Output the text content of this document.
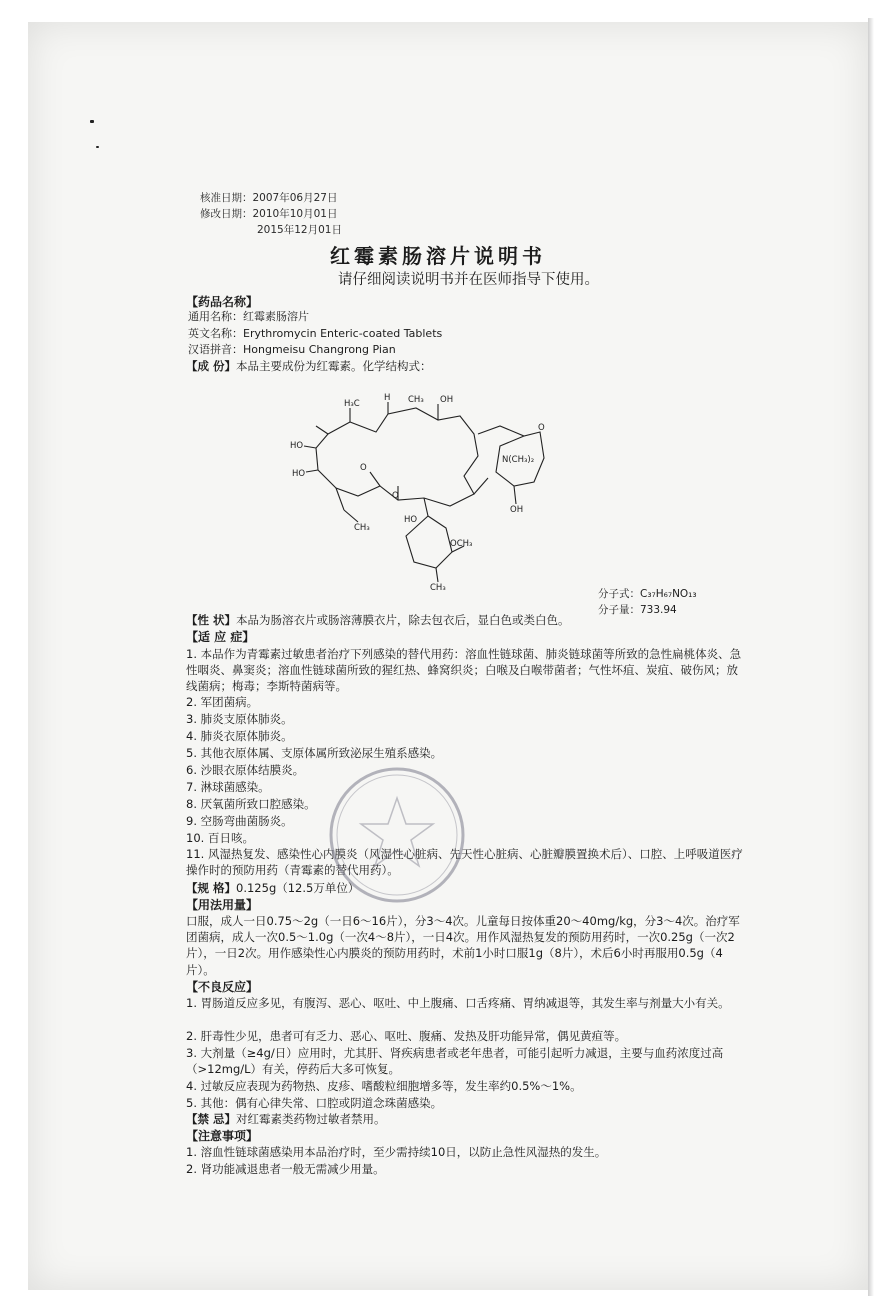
核准日期：2007年06月27日
修改日期：2010年10月01日
2015年12月01日
红霉素肠溶片说明书
请仔细阅读说明书并在医师指导下使用。
【药品名称】
通用名称：红霉素肠溶片
英文名称：Erythromycin Enteric-coated Tablets
汉语拼音：Hongmeisu Changrong Pian
【成 份】本品主要成份为红霉素。化学结构式：
H₃C
H CH₃ OH
HO
N(CH₃)₂
CH₃
O
OCH₃
OH
CH₃
HO
HO
O
O
分子式：C₃₇H₆₇NO₁₃
分子量：733.94
【性 状】本品为肠溶衣片或肠溶薄膜衣片，除去包衣后，显白色或类白色。
【适 应 症】
1. 本品作为青霉素过敏患者治疗下列感染的替代用药：溶血性链球菌、肺炎链球菌等所致的急性扁桃体炎、急性咽炎、鼻窦炎；溶血性链球菌所致的猩红热、蜂窝织炎；白喉及白喉带菌者；气性坏疽、炭疽、破伤风；放线菌病；梅毒；李斯特菌病等。
2. 军团菌病。
3. 肺炎支原体肺炎。
4. 肺炎衣原体肺炎。
5. 其他衣原体属、支原体属所致泌尿生殖系感染。
6. 沙眼衣原体结膜炎。
7. 淋球菌感染。
8. 厌氧菌所致口腔感染。
9. 空肠弯曲菌肠炎。
10. 百日咳。
11. 风湿热复发、感染性心内膜炎（风湿性心脏病、先天性心脏病、心脏瓣膜置换术后）、口腔、上呼吸道医疗操作时的预防用药（青霉素的替代用药）。
【规 格】0.125g（12.5万单位）
【用法用量】
口服，成人一日0.75～2g（一日6～16片），分3～4次。儿童每日按体重20～40mg/kg，分3～4次。治疗军团菌病，成人一次0.5～1.0g（一次4～8片），一日4次。用作风湿热复发的预防用药时，一次0.25g（一次2片），一日2次。用作感染性心内膜炎的预防用药时，术前1小时口服1g（8片），术后6小时再服用0.5g（4片）。
【不良反应】
1. 胃肠道反应多见，有腹泻、恶心、呕吐、中上腹痛、口舌疼痛、胃纳减退等，其发生率与剂量大小有关。
2. 肝毒性少见，患者可有乏力、恶心、呕吐、腹痛、发热及肝功能异常，偶见黄疸等。
3. 大剂量（≥4g/日）应用时，尤其肝、肾疾病患者或老年患者，可能引起听力减退，主要与血药浓度过高（>12mg/L）有关，停药后大多可恢复。
4. 过敏反应表现为药物热、皮疹、嗜酸粒细胞增多等，发生率约0.5%～1%。
5. 其他：偶有心律失常、口腔或阴道念珠菌感染。
【禁 忌】对红霉素类药物过敏者禁用。
【注意事项】
1. 溶血性链球菌感染用本品治疗时，至少需持续10日，以防止急性风湿热的发生。
2. 肾功能减退患者一般无需减少用量。
